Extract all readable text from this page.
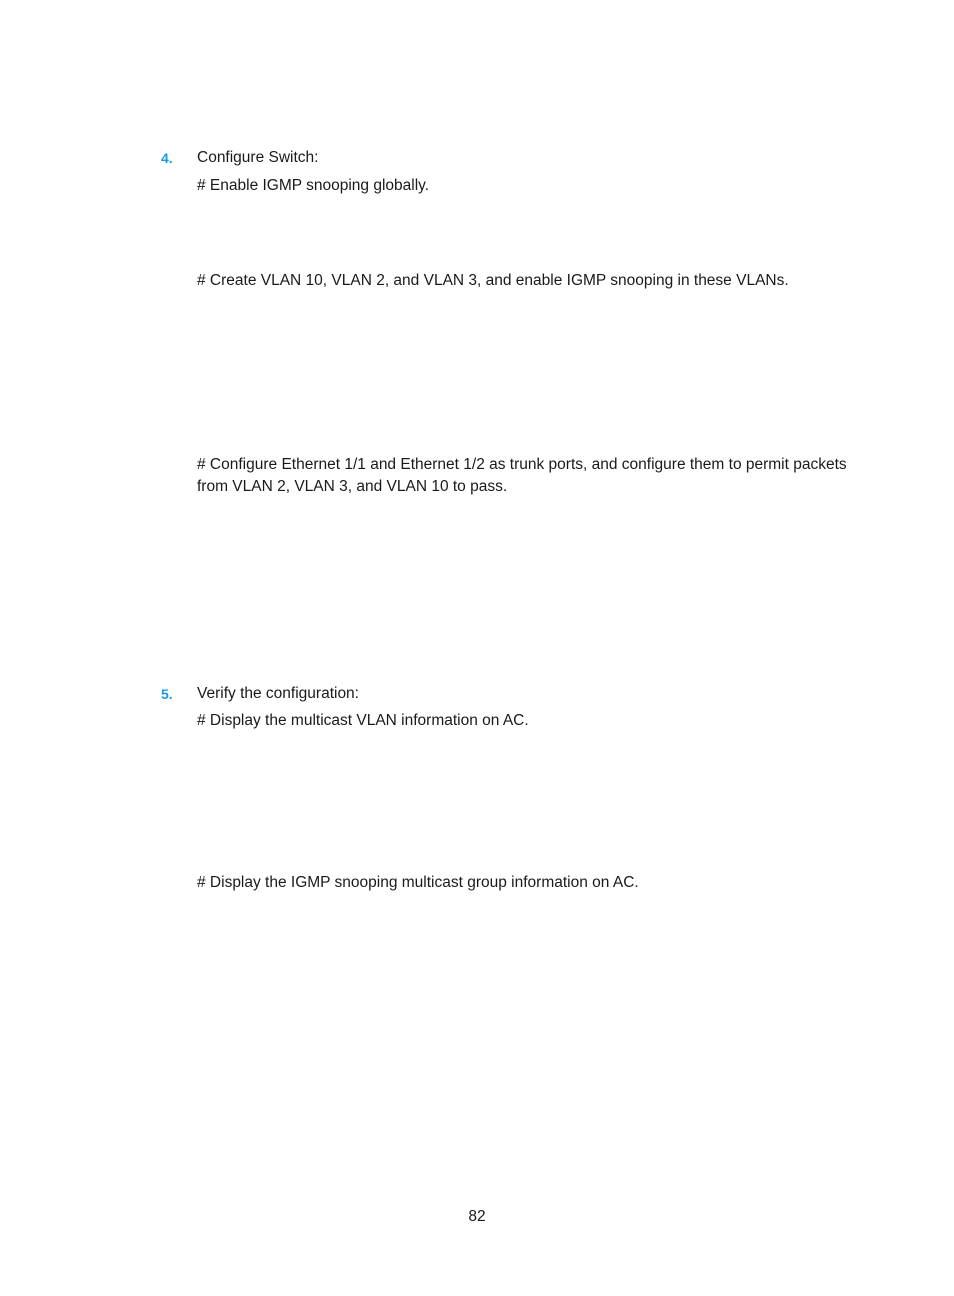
4. Configure Switch:
# Enable IGMP snooping globally.
# Create VLAN 10, VLAN 2, and VLAN 3, and enable IGMP snooping in these VLANs.
# Configure Ethernet 1/1 and Ethernet 1/2 as trunk ports, and configure them to permit packets from VLAN 2, VLAN 3, and VLAN 10 to pass.
5. Verify the configuration:
# Display the multicast VLAN information on AC.
# Display the IGMP snooping multicast group information on AC.
82
